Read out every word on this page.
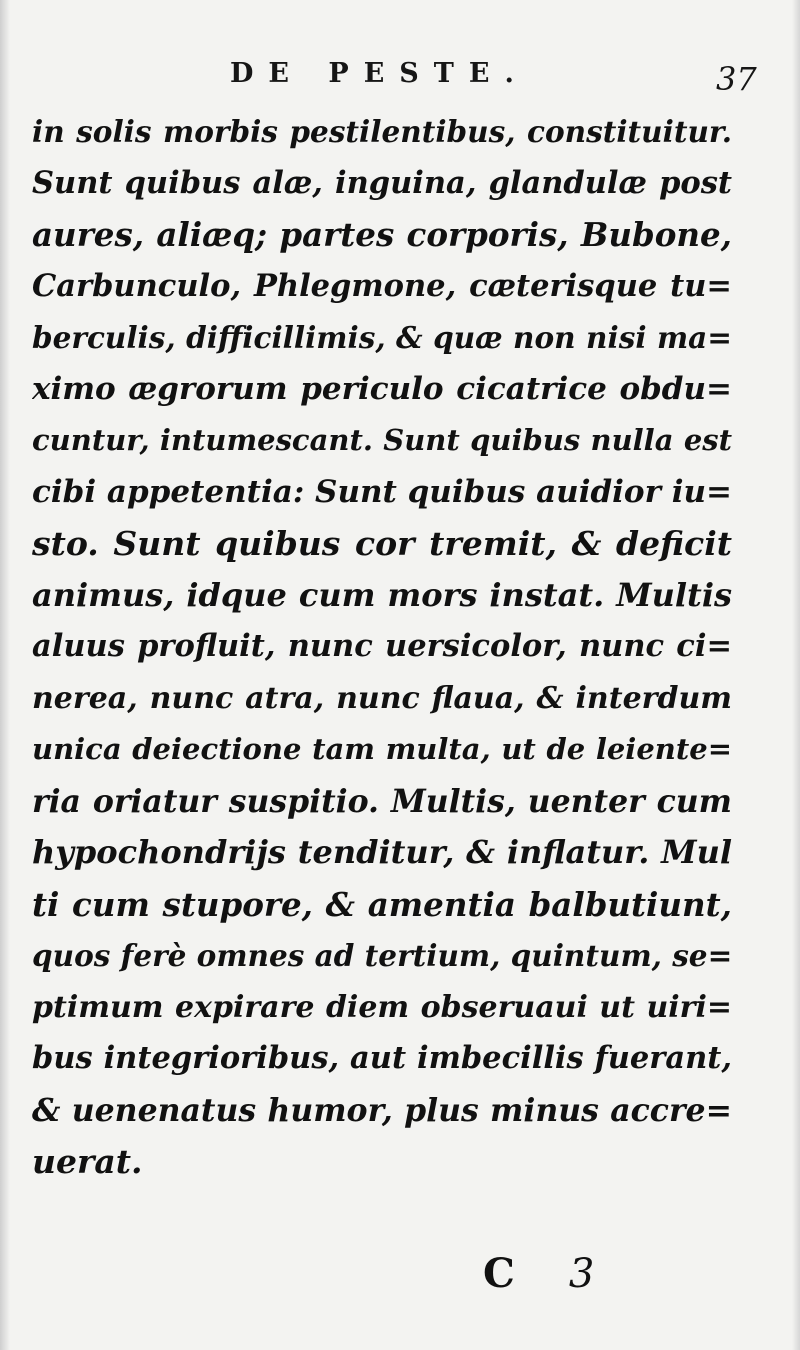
DE PESTE.	37
in solis morbis pestilentibus, constituitur.
Sunt quibus alæ, inguina, glandulæ post
aures, aliæq; partes corporis, Bubone,
Carbunculo, Phlegmone, cæterisque tu=
berculis, difficillimis, & quæ non nisi ma=
ximo ægrorum periculo cicatrice obdu=
cuntur, intumescant. Sunt quibus nulla est
cibi appetentia: Sunt quibus auidior iu=
sto. Sunt quibus cor tremit, & deficit
animus, idque cum mors instat. Multis
aluus profluit, nunc uersicolor, nunc ci=
nerea, nunc atra, nunc flaua, & interdum
unica deiectione tam multa, ut de leiente=
ria oriatur suspitio. Multis, uenter cum
hypochondrijs tenditur, & inflatur. Mul
ti cum stupore, & amentia balbutiunt,
quos ferè omnes ad tertium, quintum, se=
ptimum expirare diem obseruaui ut uiri=
bus integrioribus, aut imbecillis fuerant,
& uenenatus humor, plus minus accre=
uerat.

C 3
